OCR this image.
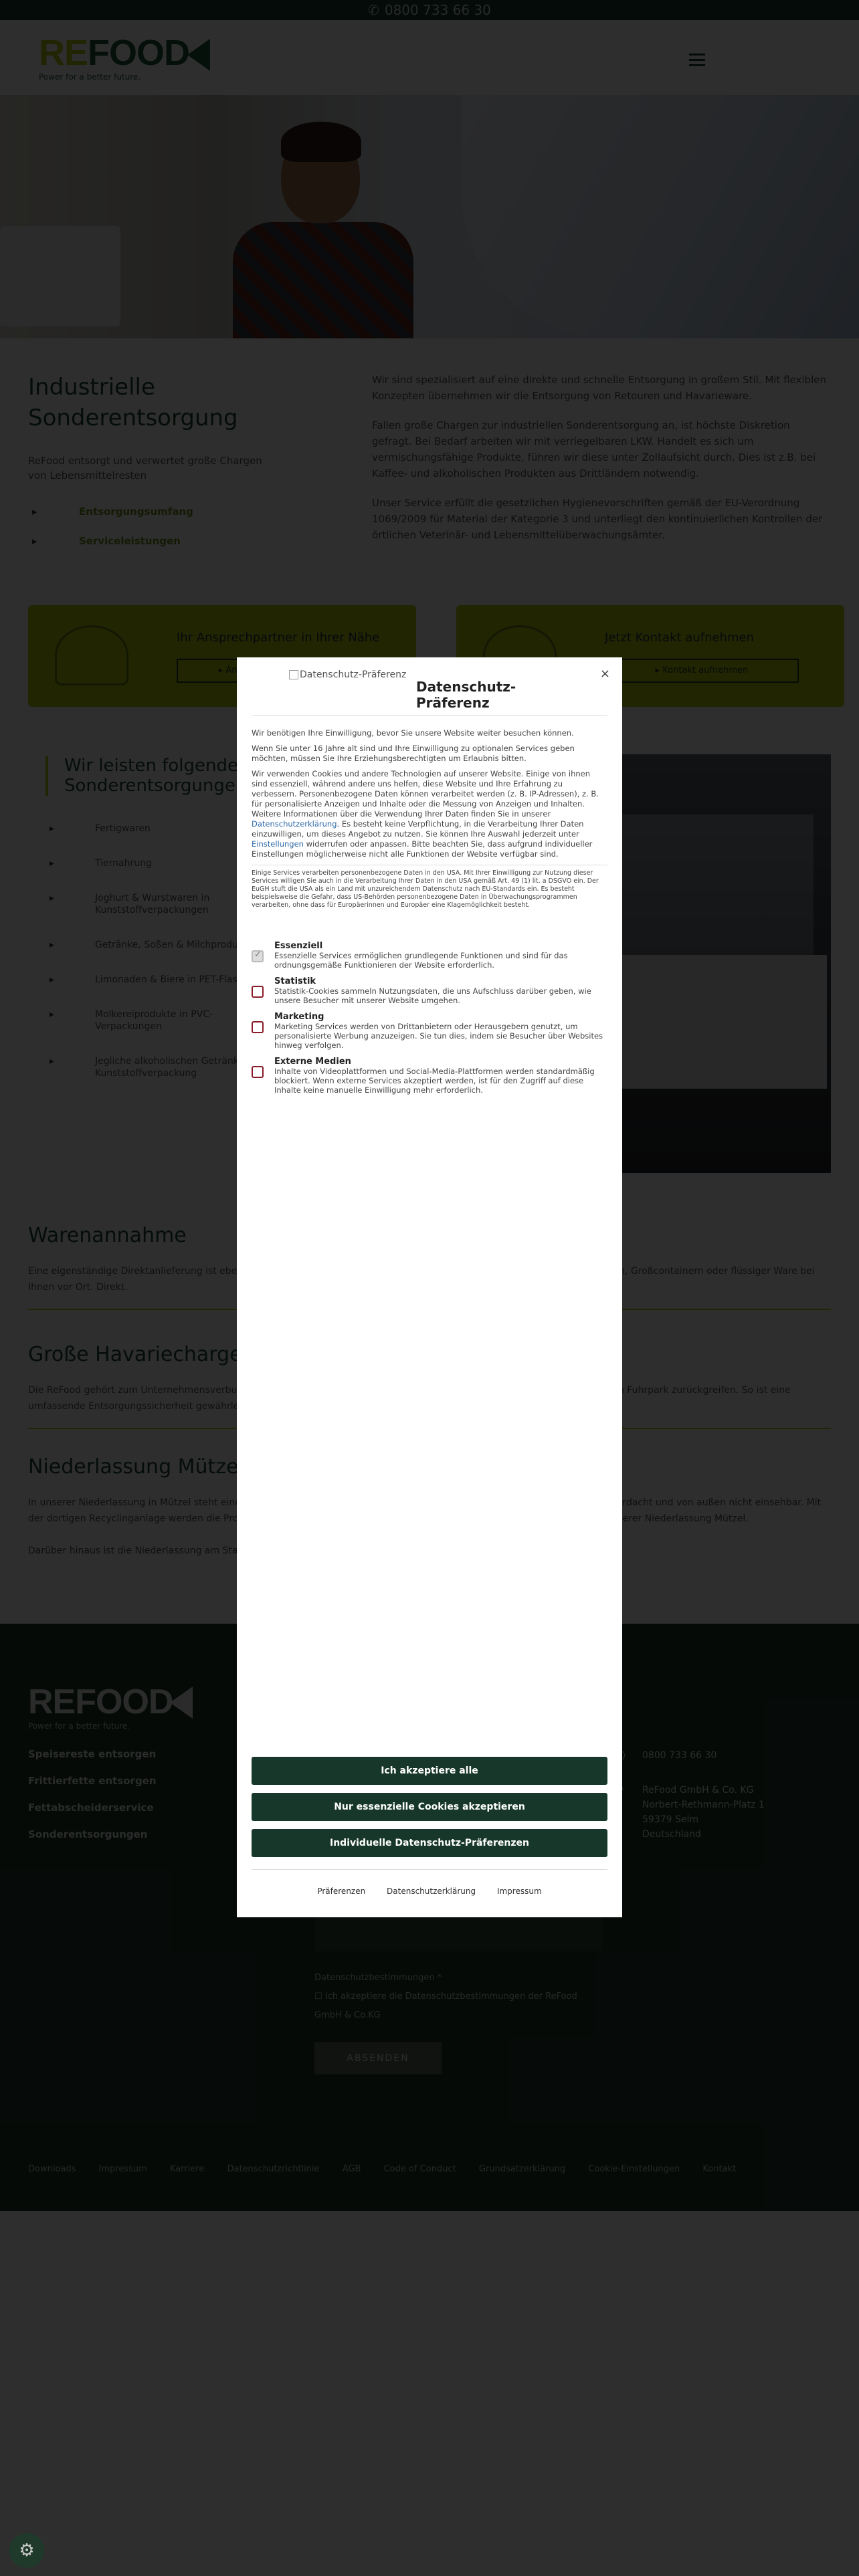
▸
▸

▸
▸
▸
▸
▸
▸
▸

×
Datenschutz-Präferenz
Datenschutz-Präferenz

Wir benötigen Ihre Einwilligung, bevor Sie unsere Website weiter besuchen können.

Wenn Sie unter 16 Jahre alt sind und Ihre Einwilligung zu optionalen Services geben möchten, müssen Sie Ihre Erziehungsberechtigten um Erlaubnis bitten.

Wir verwenden Cookies und andere Technologien auf unserer Website. Einige von ihnen sind essenziell, während andere uns helfen, diese Website und Ihre Erfahrung zu verbessern. Personenbezogene Daten können verarbeitet werden (z. B. IP-Adressen), z. B. für personalisierte Anzeigen und Inhalte oder die Messung von Anzeigen und Inhalten. Weitere Informationen über die Verwendung Ihrer Daten finden Sie in unserer Datenschutzerklärung. Es besteht keine Verpflichtung, in die Verarbeitung Ihrer Daten einzuwilligen, um dieses Angebot zu nutzen. Sie können Ihre Auswahl jederzeit unter Einstellungen widerrufen oder anpassen. Bitte beachten Sie, dass aufgrund individueller Einstellungen möglicherweise nicht alle Funktionen der Website verfügbar sind.

Einige Services verarbeiten personenbezogene Daten in den USA. Mit Ihrer Einwilligung zur Nutzung dieser Services willigen Sie auch in die Verarbeitung Ihrer Daten in den USA gemäß Art. 49 (1) lit. a DSGVO ein. Der EuGH stuft die USA als ein Land mit unzureichendem Datenschutz nach EU-Standards ein. Es besteht beispielsweise die Gefahr, dass US-Behörden personenbezogene Daten in Überwachungsprogrammen verarbeiten, ohne dass für Europäerinnen und Europäer eine Klagemöglichkeit besteht.

✓
Essenziell
Essenzielle Services ermöglichen grundlegende Funktionen und sind für das ordnungsgemäße Funktionieren der Website erforderlich.
Statistik
Statistik-Cookies sammeln Nutzungsdaten, die uns Aufschluss darüber geben, wie unsere Besucher mit unserer Website umgehen.
Marketing
Marketing Services werden von Drittanbietern oder Herausgebern genutzt, um personalisierte Werbung anzuzeigen. Sie tun dies, indem sie Besucher über Websites hinweg verfolgen.
Externe Medien
Inhalte von Videoplattformen und Social-Media-Plattformen werden standardmäßig blockiert. Wenn externe Services akzeptiert werden, ist für den Zugriff auf diese Inhalte keine manuelle Einwilligung mehr erforderlich.
Ich akzeptiere alle
Nur essenzielle Cookies akzeptieren
Individuelle Datenschutz-Präferenzen
Präferenzen	Datenschutzerklärung	Impressum
⚙
